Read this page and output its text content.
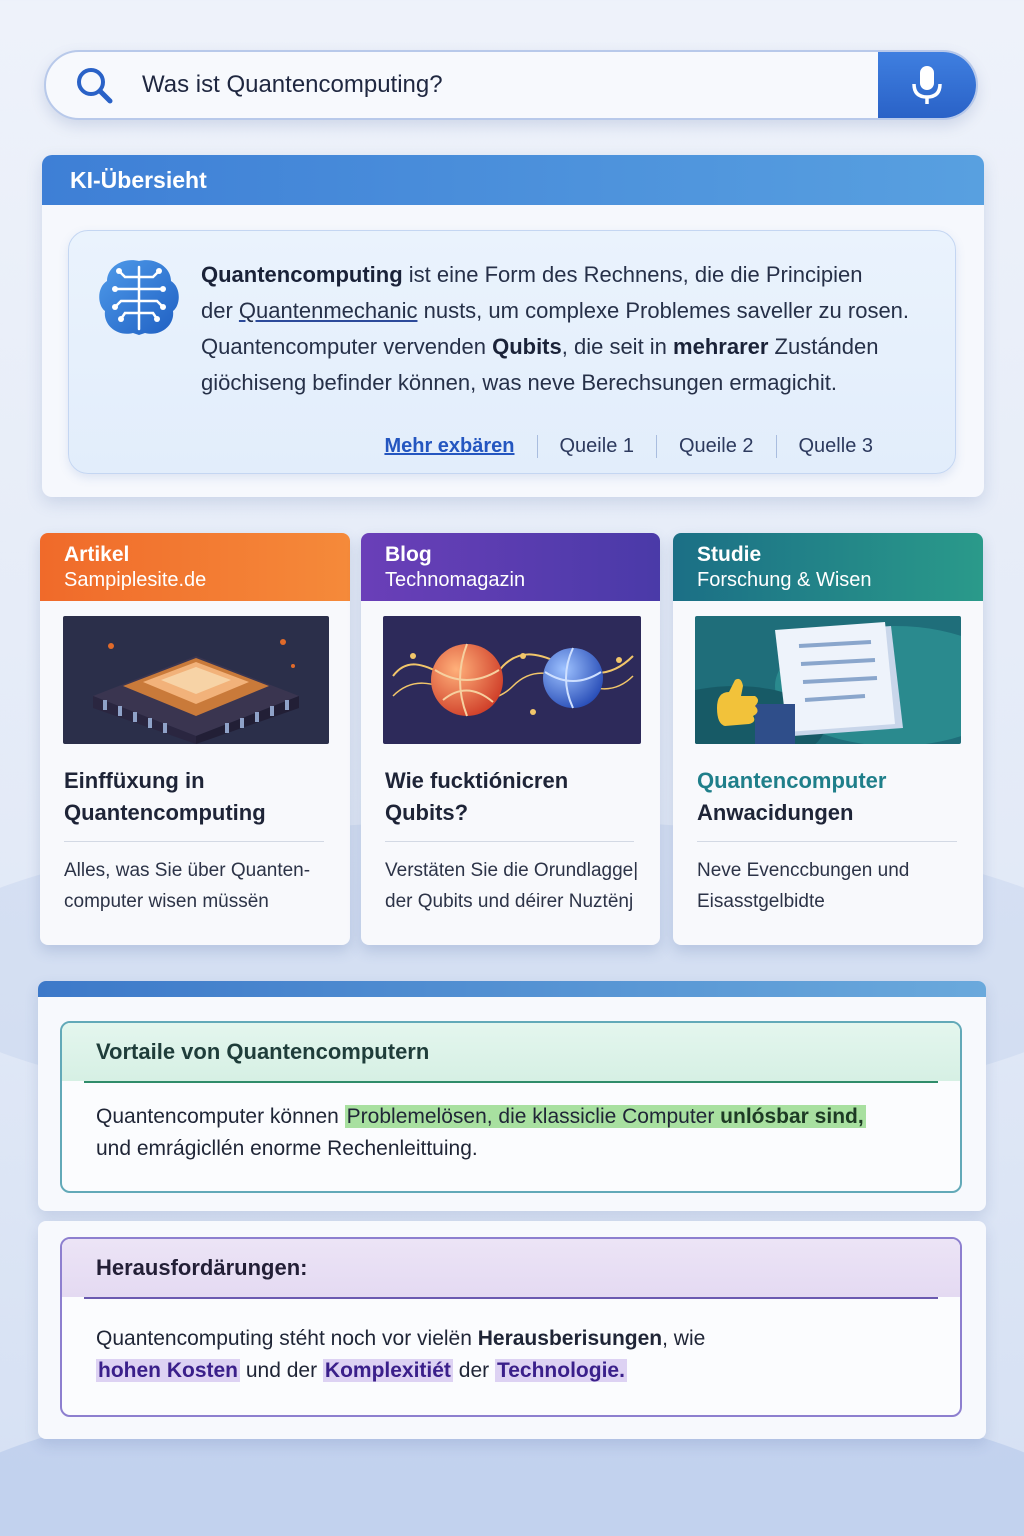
Was ist Quantencomputing?
KI-Übersieht
Quantencomputing ist eine Form des Rechnens, die die Principien
der Quantenmechanic nusts, um complexe Problemes saveller zu rosen.
Quantencomputer vervenden Qubits, die seit in mehrarer Zustánden
giöchiseng befinder können, was neve Berechsungen ermagichit.
Mehr exbären	Queile 1	Queile 2	Quelle 3
Artikel
Sampiplesite.de
Einffüxung in
Quantencomputing
Alles, was Sie über Quanten-
computer wisen müssën
Blog
Technomagazin
Wie fucktiónicren
Qubits?
Verstäten Sie die Orundlagge|
der Qubits und déirer Nuztënj
Studie
Forschung & Wisen
Quantencomputer
Anwacidungen
Neve Evenccbungen und
Eisasstgelbidte
Vortaile von Quantencomputern
Quantencomputer können Problemelösen, die klassiclie Computer unlósbar sind,
und emrágicllén enorme Rechenleittuing.
Herausfordärungen:
Quantencomputing stéht noch vor vielën Herausberisungen, wie
hohen Kosten und der Komplexitiét der Technologie.
